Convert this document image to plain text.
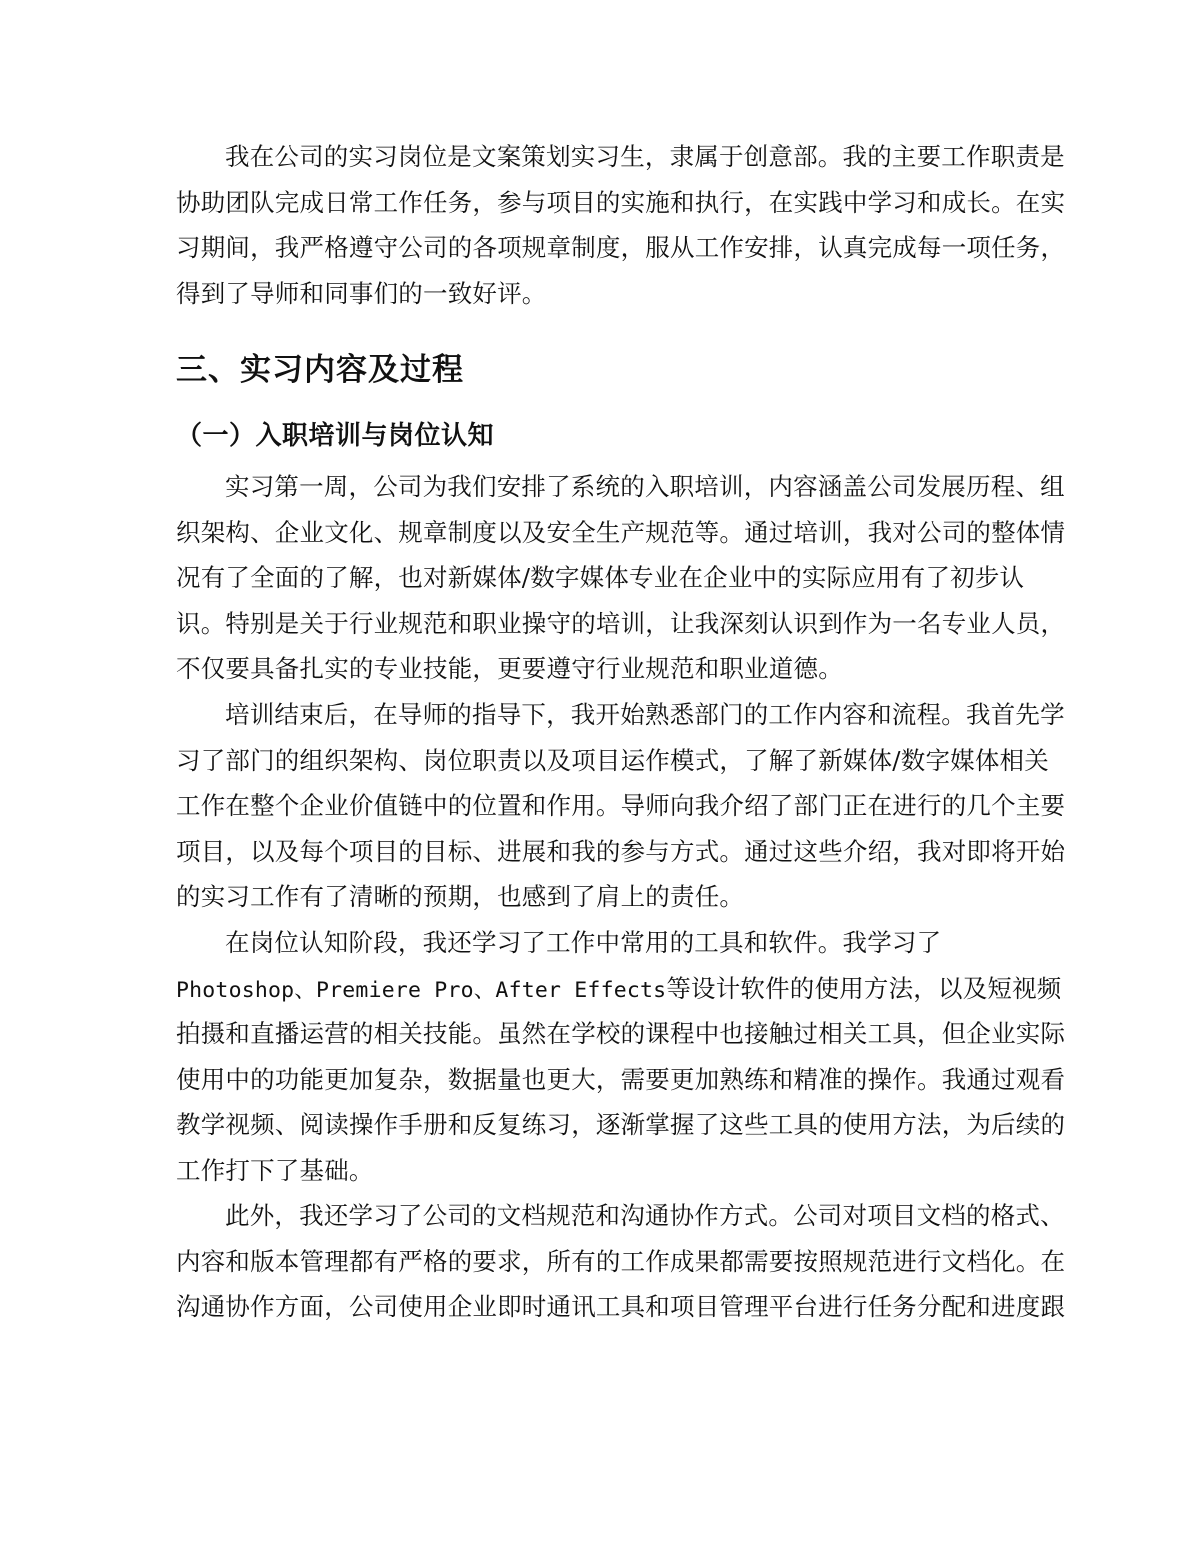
我在公司的实习岗位是文案策划实习生，隶属于创意部。我的主要工作职责是
协助团队完成日常工作任务，参与项目的实施和执行，在实践中学习和成长。在实
习期间，我严格遵守公司的各项规章制度，服从工作安排，认真完成每一项任务，
得到了导师和同事们的一致好评。
三、实习内容及过程
（一）入职培训与岗位认知
实习第一周，公司为我们安排了系统的入职培训，内容涵盖公司发展历程、组
织架构、企业文化、规章制度以及安全生产规范等。通过培训，我对公司的整体情
况有了全面的了解，也对新媒体/数字媒体专业在企业中的实际应用有了初步认
识。特别是关于行业规范和职业操守的培训，让我深刻认识到作为一名专业人员，
不仅要具备扎实的专业技能，更要遵守行业规范和职业道德。
培训结束后，在导师的指导下，我开始熟悉部门的工作内容和流程。我首先学
习了部门的组织架构、岗位职责以及项目运作模式，了解了新媒体/数字媒体相关
工作在整个企业价值链中的位置和作用。导师向我介绍了部门正在进行的几个主要
项目，以及每个项目的目标、进展和我的参与方式。通过这些介绍，我对即将开始
的实习工作有了清晰的预期，也感到了肩上的责任。
在岗位认知阶段，我还学习了工作中常用的工具和软件。我学习了
Photoshop、Premiere Pro、After Effects等设计软件的使用方法，以及短视频
拍摄和直播运营的相关技能。虽然在学校的课程中也接触过相关工具，但企业实际
使用中的功能更加复杂，数据量也更大，需要更加熟练和精准的操作。我通过观看
教学视频、阅读操作手册和反复练习，逐渐掌握了这些工具的使用方法，为后续的
工作打下了基础。
此外，我还学习了公司的文档规范和沟通协作方式。公司对项目文档的格式、
内容和版本管理都有严格的要求，所有的工作成果都需要按照规范进行文档化。在
沟通协作方面，公司使用企业即时通讯工具和项目管理平台进行任务分配和进度跟
